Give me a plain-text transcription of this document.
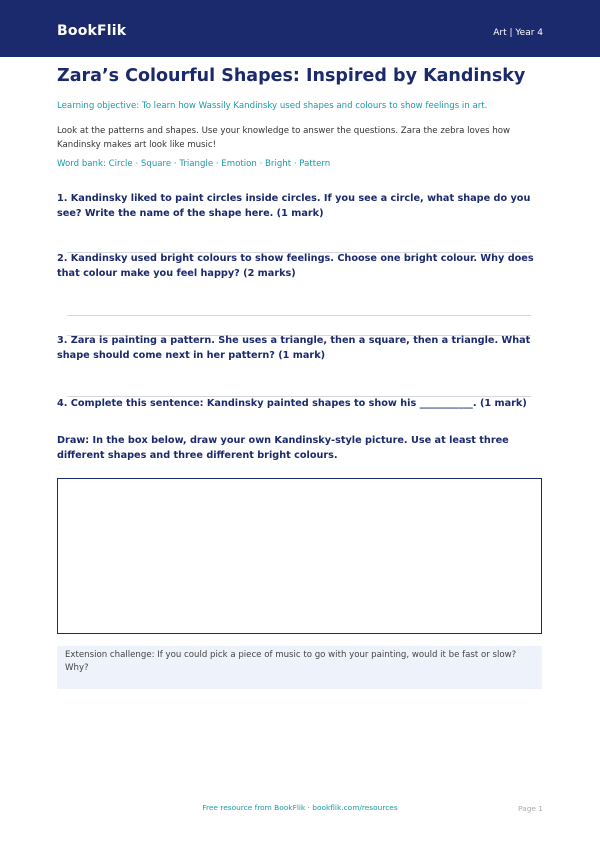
BookFlik	Art | Year 4
Zara’s Colourful Shapes: Inspired by Kandinsky
Learning objective: To learn how Wassily Kandinsky used shapes and colours to show feelings in art.
Look at the patterns and shapes. Use your knowledge to answer the questions. Zara the zebra loves how Kandinsky makes art look like music!
Word bank: Circle · Square · Triangle · Emotion · Bright · Pattern
1. Kandinsky liked to paint circles inside circles. If you see a circle, what shape do you see? Write the name of the shape here. (1 mark)
2. Kandinsky used bright colours to show feelings. Choose one bright colour. Why does that colour make you feel happy? (2 marks)
3. Zara is painting a pattern. She uses a triangle, then a square, then a triangle. What shape should come next in her pattern? (1 mark)
4. Complete this sentence: Kandinsky painted shapes to show his ___________. (1 mark)
Draw: In the box below, draw your own Kandinsky-style picture. Use at least three different shapes and three different bright colours.
Extension challenge: If you could pick a piece of music to go with your painting, would it be fast or slow? Why?
Free resource from BookFlik · bookflik.com/resources	Page 1
